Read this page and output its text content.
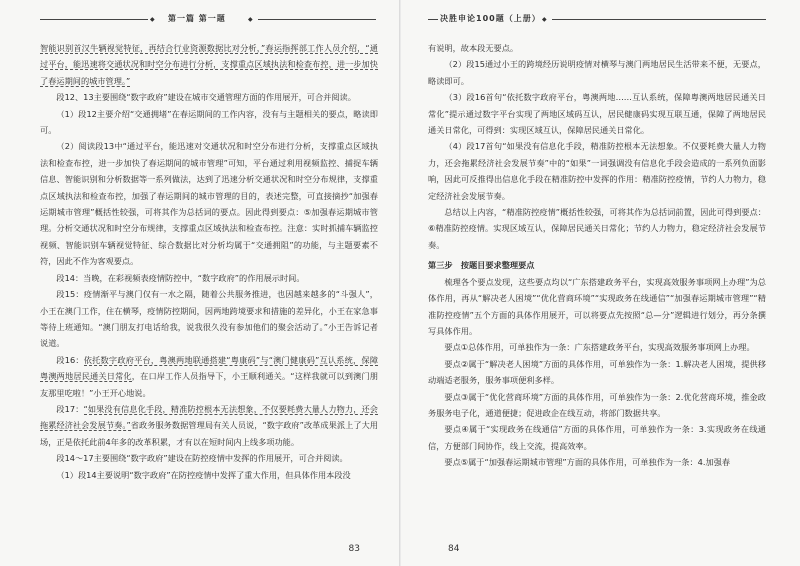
◆ 第一篇 第一题	◆

智能识别首汉牛辆视觉特征，再结合行业资源数据比对分析，”春运指挥部工作人员介绍，“通过平台，能迅速将交通状况和时空分布进行分析，支撑重点区域执法和检查布控，进一步加快了春运期间的城市管理。”

段12、13主要围绕“数字政府”建设在城市交通管理方面的作用展开，可合并阅读。

（1）段12主要介绍“交通拥堵”在春运期间的工作内容，没有与主题相关的要点，略读即可。

（2）阅读段13中“通过平台，能迅速对交通状况和时空分布进行分析，支撑重点区域执法和检查布控，进一步加快了春运期间的城市管理”可知，平台通过利用视频监控、捕捉车辆信息、智能识别和分析数据等一系列做法，达到了迅速分析交通状况和时空分布规律，支撑重点区域执法和检查布控，加强了春运期间的城市管理的目的，表述完整，可直接摘抄“加强春运期城市管理”概括性较强，可将其作为总括词的要点。因此得到要点：⑤加强春运期城市管理。分析交通状况和时空分布规律，支撑重点区域执法和检查布控。注意：实时抓捕车辆监控视频、智能识别车辆视觉特征、综合数据比对分析均属于“交通拥阻”的功能，与主题要素不符，因此不作为客观要点。

段14：当晚，在彩视频表疫情防控中，“数字政府”的作用展示时间。

段15：疫情渐平与澳门仅有一水之隔，随着公共服务推进，也因越来越多的“斗强人”，小王在澳门工作，住在横琴，疫情防控期间，因两地跨境要求和措施的差异化，小王在家急事等待上班通知。“澳门朋友打电话给我，说我很久没有参加他们的聚会活动了。”小王告诉记者说道。

段16：依托数字政府平台，粤澳两地联通搭建“粤康码”与“澳门健康码”互认系统，保障粤澳两地居民通关日常化，在口岸工作人员指导下，小王顺利通关。“这样我就可以到澳门朋友那里吃啦！”小王开心地说。

段17：“如果没有信息化手段，精准防控根本无法想象，不仅要耗费大量人力物力，还会拖累经济社会发展节奏。”省政务服务数据管理局有关人员说，“数字政府”改革成果派上了大用场，正是依托此前4年多的改革积累，才有以在短时间内上线多项功能。

段14～17主要围绕“数字政府”建设在防控疫情中发挥的作用展开，可合并阅读。

（1）段14主要说明“数字政府”在防控疫情中发挥了重大作用，但具体作用本段没

83
决胜申论100题（上册） ◆

有说明，故本段无要点。

（2）段15通过小王的跨境经历说明疫情对横琴与澳门两地居民生活带来不便，无要点，略读即可。

（3）段16首句“依托数字政府平台，粤澳两地……互认系统，保障粤澳两地居民通关日常化”提示通过数字平台实现了两地区域码互认，居民健康码实现互联互通，保障了两地居民通关日常化，可得到：实现区域互认，保障居民通关日常化。

（4）段17首句“如果没有信息化手段，精准防控根本无法想象。不仅要耗费大量人力物力，还会拖累经济社会发展节奏”中的“如果”一词强调没有信息化手段会造成的一系列负面影响，因此可反推得出信息化手段在精准防控中发挥的作用：精准防控疫情，节约人力物力，稳定经济社会发展节奏。

总结以上内容，“精准防控疫情”概括性较强，可将其作为总括词前置，因此可得到要点：⑥精准防控疫情。实现区域互认，保障居民通关日常化；节约人力物力，稳定经济社会发展节奏。

第三步　按题目要求整理要点

梳理各个要点发现，这些要点均以“广东搭建政务平台，实现高效服务事项网上办理”为总体作用，再从“解决老人困境”“优化营商环境”“实现政务在线通信”“加强春运期城市管理”“精准防控疫情”五个方面的具体作用展开，可以将要点先按照“总—分”逻辑进行划分，再分条撰写具体作用。

要点①总体作用，可单独作为一条：广东搭建政务平台，实现高效服务事项网上办理。

要点②属于“解决老人困境”方面的具体作用，可单独作为一条：1.解决老人困境，提供移动端适老服务，服务事项便利多样。

要点③属于“优化营商环境”方面的具体作用，可单独作为一条：2.优化营商环境，推金政务服务电子化，通道便捷；促进政企在线互动，将部门数据共享。

要点④属于“实现政务在线通信”方面的具体作用，可单独作为一条：3.实现政务在线通信，方便部门间协作，线上交流，提高效率。

要点⑤属于“加强春运期城市管理”方面的具体作用，可单独作为一条：4.加强春

84
